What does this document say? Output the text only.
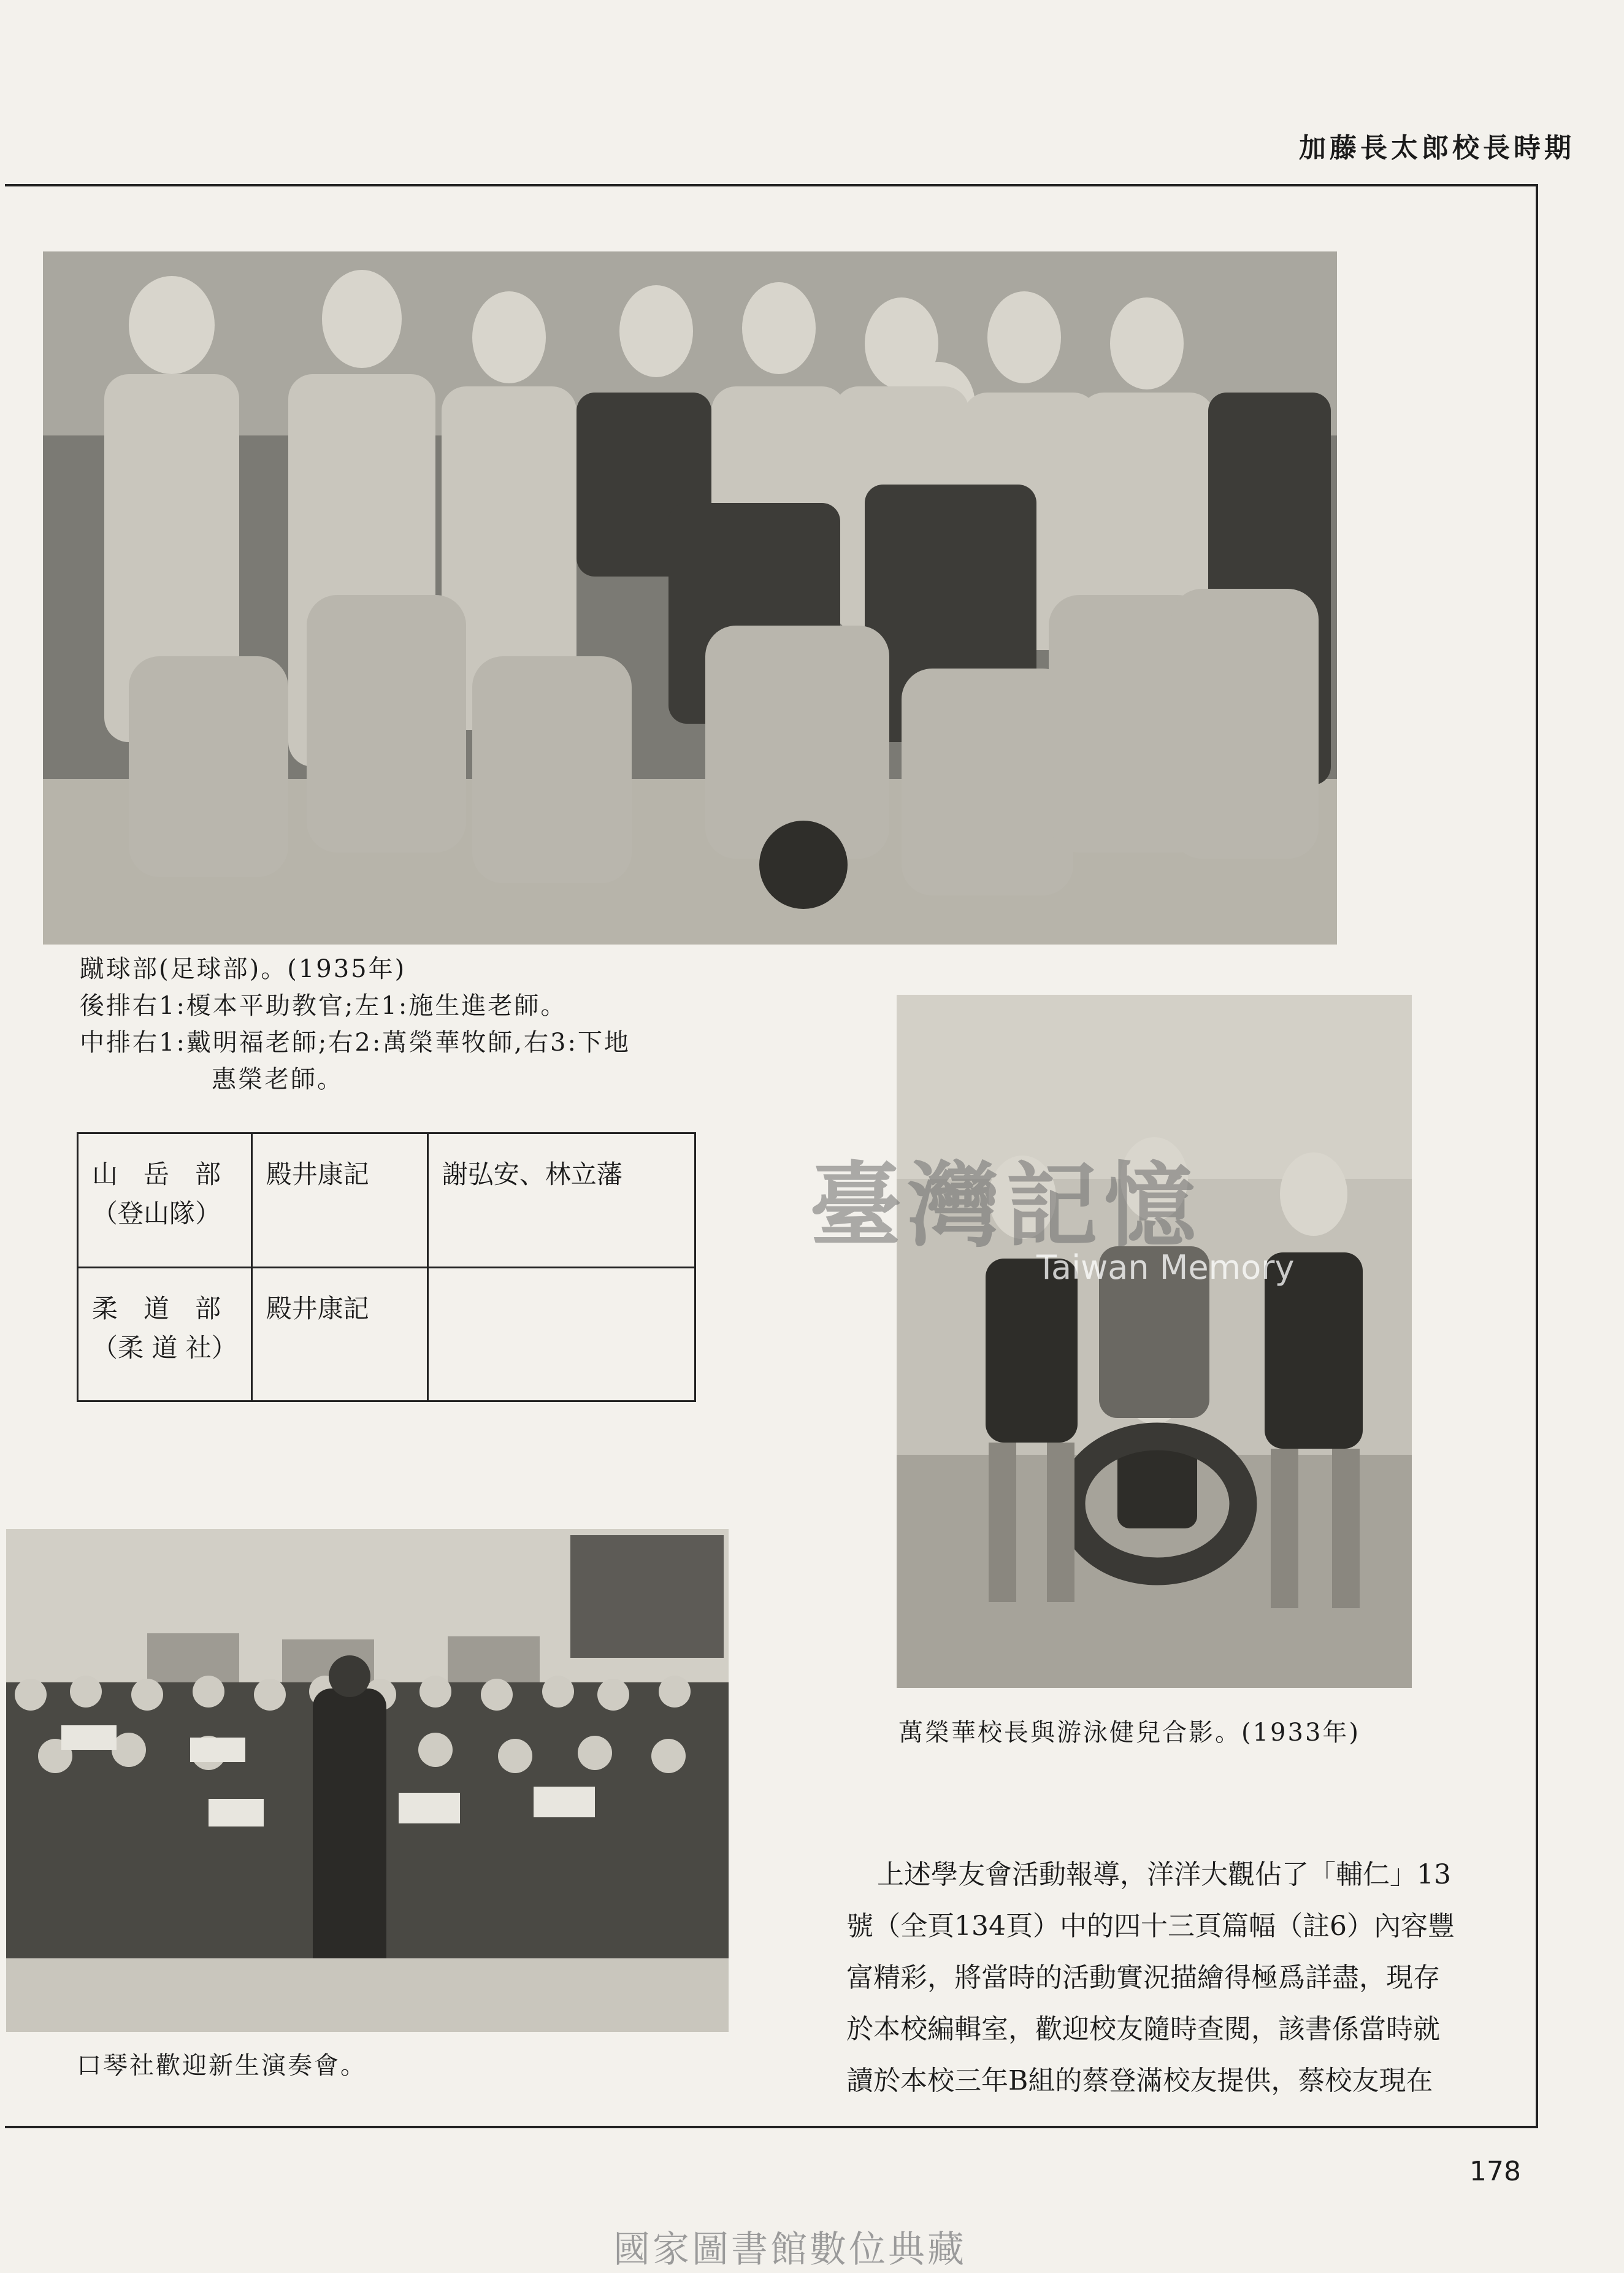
加藤長太郎校長時期
蹴球部(足球部)。(1935年)
後排右1:榎本平助教官;左1:施生進老師。
中排右1:戴明福老師;右2:萬榮華牧師,右3:下地
惠榮老師。
山　岳　部
（登山隊）	殿井康記	謝弘安、林立藩

柔　道　部
（柔 道 社）	殿井康記	

臺灣記憶
Taiwan Memory
萬榮華校長與游泳健兒合影。(1933年)
口琴社歡迎新生演奏會。
上述學友會活動報導，洋洋大觀佔了「輔仁」13
號（全頁134頁）中的四十三頁篇幅（註6）內容豐
富精彩，將當時的活動實況描繪得極爲詳盡，現存
於本校編輯室，歡迎校友隨時查閱，該書係當時就
讀於本校三年B組的蔡登滿校友提供，蔡校友現在
178
國家圖書館數位典藏
